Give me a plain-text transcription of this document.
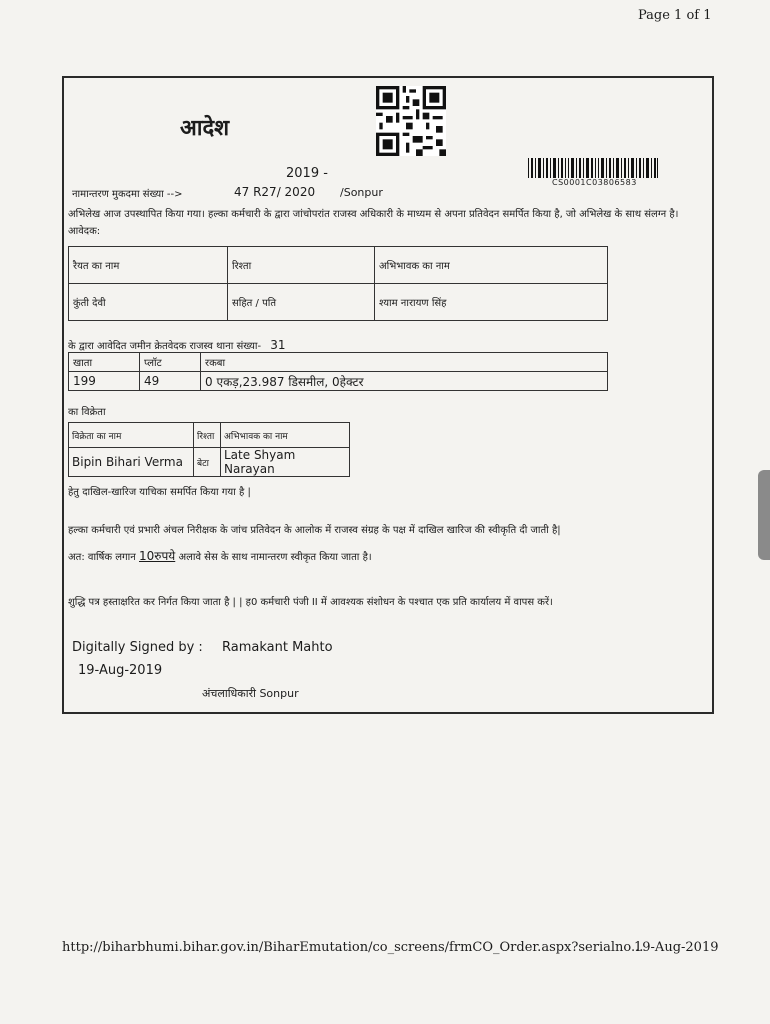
Page 1 of 1
आदेश
CS0001C03806583
2019 -
नामान्तरण मुकदमा संख्या -->	47 R27/ 2020 /Sonpur
अभिलेख आज उपस्थापित किया गया। हल्का कर्मचारी के द्वारा जांचोपरांत राजस्व अधिकारी के माध्यम से अपना प्रतिवेदन समर्पित किया है, जो अभिलेख के साथ संलग्न है। आवेदक:
रैयत का नाम	रिश्ता	अभिभावक का नाम
कुंती देवी	सहित / पति	श्याम नारायण सिंह
के द्वारा आवेदित जमीन क्रेतवेदक राजस्व थाना संख्या- 31
खाता	प्लॉट	रकबा
199	49	0 एकड़,23.987 डिसमील, 0हेक्टर
का विक्रेता
विक्रेता का नाम	रिश्ता	अभिभावक का नाम
Bipin Bihari Verma	बेटा	Late Shyam Narayan
हेतु दाखिल-खारिज याचिका समर्पित किया गया है |
हल्का कर्मचारी एवं प्रभारी अंचल निरीक्षक के जांच प्रतिवेदन के आलोक में राजस्व संग्रह के पक्ष में दाखिल खारिज की स्वीकृति दी जाती है|
अत: वार्षिक लगान 10रुपये अलावे सेस के साथ नामान्तरण स्वीकृत किया जाता है।
शुद्धि पत्र हस्ताक्षरित कर निर्गत किया जाता है | | ह0 कर्मचारी पंजी II में आवश्यक संशोधन के पश्चात एक प्रति कार्यालय में वापस करें।
Digitally Signed by : Ramakant Mahto
19-Aug-2019
अंचलाधिकारी Sonpur
http://biharbhumi.bihar.gov.in/BiharEmutation/co_screens/frmCO_Order.aspx?serialno...
19-Aug-2019
